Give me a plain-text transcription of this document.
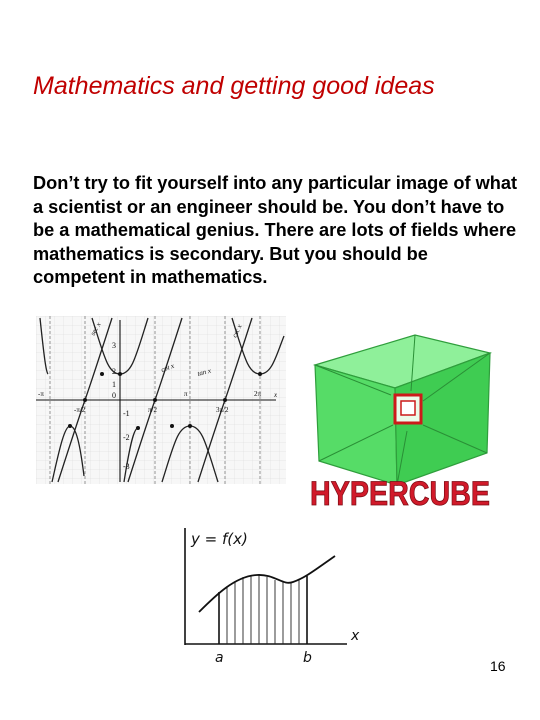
Mathematics and getting good ideas
Don’t try to fit yourself into any particular image of what a scientist or an engineer should be. You don’t have to be a mathematical genius. There are lots of fields where mathematics is secondary. But you should be competent in mathematics.
3
2
1
0
-1
-2
-3
-π
-π/2	π/2
π
3π/2
2π x
sec x
cot x
csc x
tan x
HYPERCUBE
y = f(x)
x
a	b	16
